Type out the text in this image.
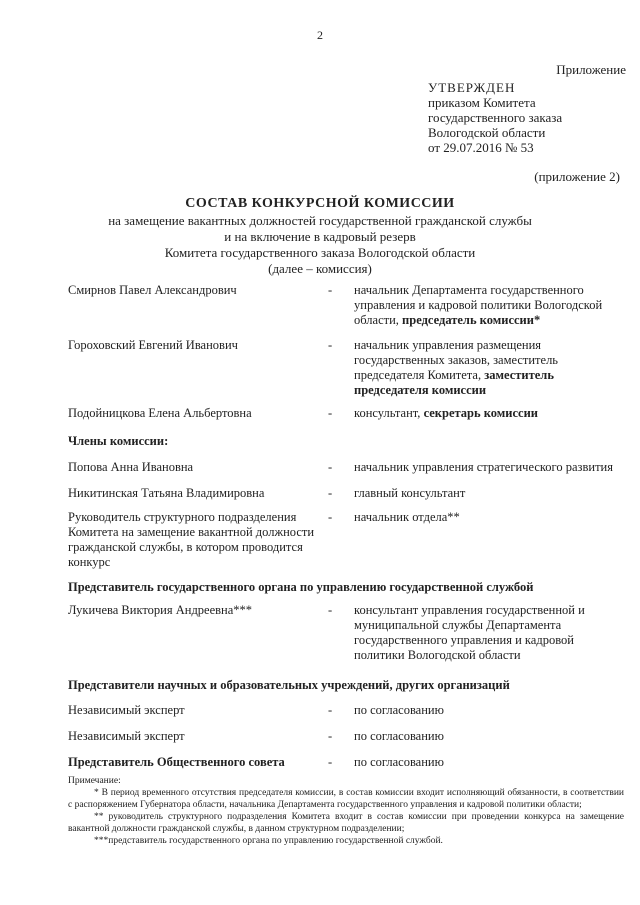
2
Приложение
УТВЕРЖДЕН
приказом Комитета
государственного заказа
Вологодской области
от 29.07.2016 № 53
(приложение 2)
СОСТАВ КОНКУРСНОЙ КОМИССИИ
на замещение вакантных должностей государственной гражданской службы
и на включение в кадровый резерв
Комитета государственного заказа Вологодской области
(далее – комиссия)
Смирнов Павел Александрович	- начальник Департамента государственного управления и кадровой политики Вологодской области, председатель комиссии*
Гороховский Евгений Иванович	- начальник управления размещения государственных заказов, заместитель председателя Комитета, заместитель председателя комиссии
Подойницкова Елена Альбертовна	- консультант, секретарь комиссии
Члены комиссии:
Попова Анна Ивановна	- начальник управления стратегического развития
Никитинская Татьяна Владимировна	- главный консультант
Руководитель структурного подразделения Комитета на замещение вакантной должности гражданской службы, в котором проводится конкурс
- начальник отдела**
Представитель государственного органа по управлению государственной службой
Лукичева Виктория Андреевна***	- консультант управления государственной и муниципальной службы Департамента государственного управления и кадровой политики Вологодской области
Представители научных и образовательных учреждений, других организаций
Независимый эксперт	- по согласованию
Независимый эксперт	- по согласованию
Представитель Общественного совета	- по согласованию

Примечание:

* В период временного отсутствия председателя комиссии, в состав комиссии входит исполняющий обязанности, в соответствии с распоряжением Губернатора области, начальника Департамента государственного управления и кадровой политики области;

** руководитель структурного подразделения Комитета входит в состав комиссии при проведении конкурса на замещение вакантной должности гражданской службы, в данном структурном подразделении;

***представитель государственного органа по управлению государственной службой.
